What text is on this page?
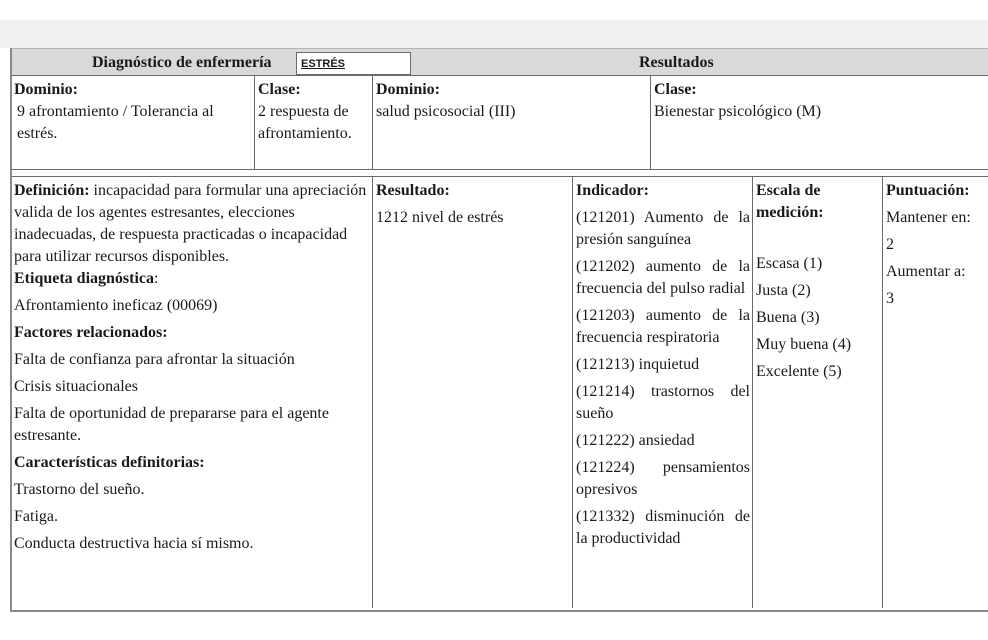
Diagnóstico de enfermería	ESTRÉS	Resultados

Dominio:

9 afrontamiento / Tolerancia al estrés.

Clase:

2 respuesta de afrontamiento.

Dominio:

salud psicosocial (III)

Clase:

Bienestar psicológico (M)

Definición: incapacidad para formular una apreciación valida de los agentes estresantes, elecciones inadecuadas, de respuesta practicadas o incapacidad para utilizar recursos disponibles.

Etiqueta diagnóstica:

Afrontamiento ineficaz (00069)

Factores relacionados:

Falta de confianza para afrontar la situación

Crisis situacionales

Falta de oportunidad de prepararse para el agente estresante.

Características definitorias:

Trastorno del sueño.

Fatiga.

Conducta destructiva hacia sí mismo.

Resultado:

1212 nivel de estrés

Indicador:

(121201) Aumento de la presión sanguínea

(121202) aumento de la frecuencia del pulso radial

(121203) aumento de la frecuencia respiratoria

(121213) inquietud

(121214) trastornos del sueño

(121222) ansiedad

(121224) pensamientos opresivos

(121332) disminución de la productividad

Escala de medición:

Escasa (1)

Justa (2)

Buena (3)

Muy buena (4)

Excelente (5)

Puntuación:

Mantener en:

2

Aumentar a:

3
